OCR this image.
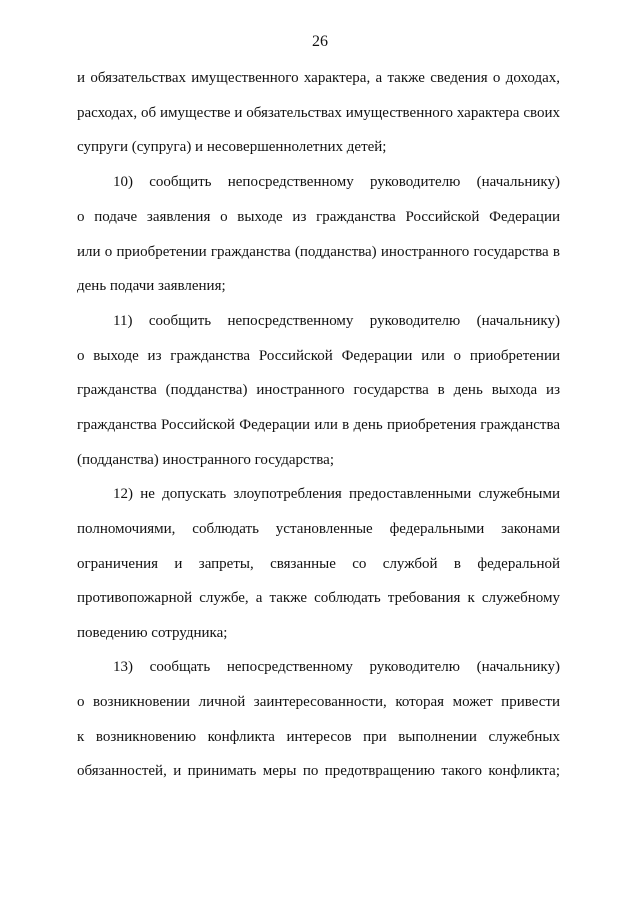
26
и обязательствах имущественного характера, а также сведения о доходах,
расходах, об имуществе и обязательствах имущественного характера своих
супруги (супруга) и несовершеннолетних детей;
10) сообщить непосредственному руководителю (начальнику)
о подаче заявления о выходе из гражданства Российской Федерации
или о приобретении гражданства (подданства) иностранного государства в
день подачи заявления;
11) сообщить непосредственному руководителю (начальнику)
о выходе из гражданства Российской Федерации или о приобретении
гражданства (подданства) иностранного государства в день выхода из
гражданства Российской Федерации или в день приобретения гражданства
(подданства) иностранного государства;
12) не допускать злоупотребления предоставленными служебными
полномочиями, соблюдать установленные федеральными законами
ограничения и запреты, связанные со службой в федеральной
противопожарной службе, а также соблюдать требования к служебному
поведению сотрудника;
13) сообщать непосредственному руководителю (начальнику)
о возникновении личной заинтересованности, которая может привести
к возникновению конфликта интересов при выполнении служебных
обязанностей, и принимать меры по предотвращению такого конфликта;
